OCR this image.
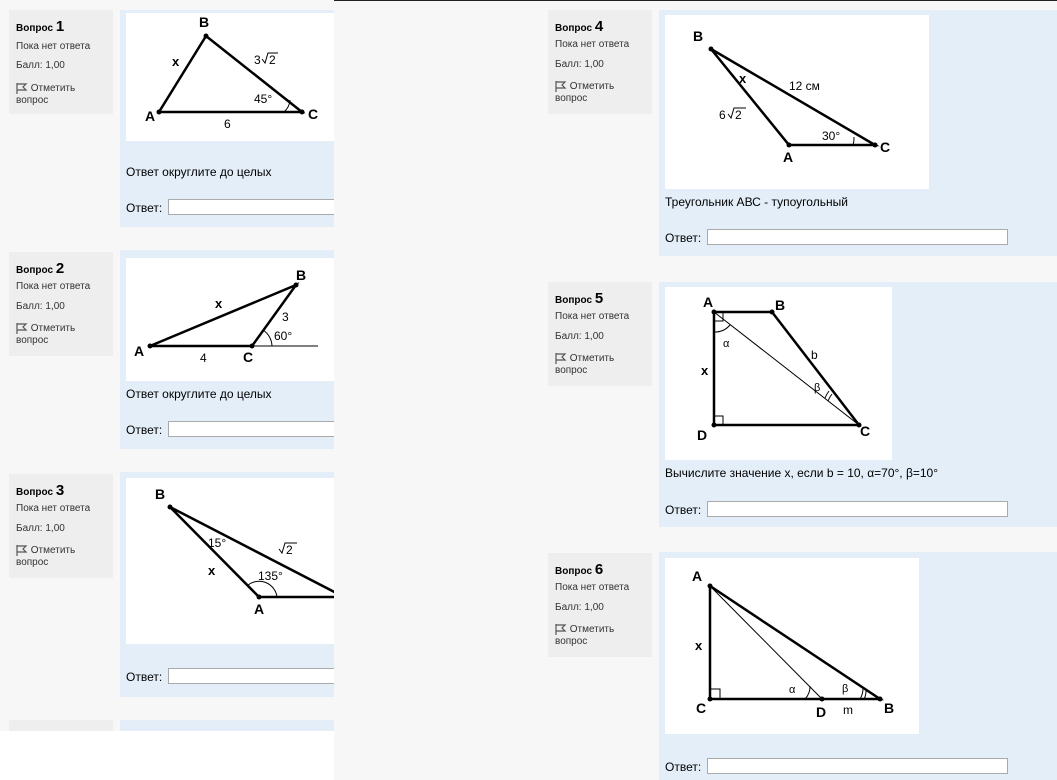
Вопрос 1
Пока нет ответа
Балл: 1,00
Отметить
вопрос
B
A	C
x	3 2
45°
6
Ответ округлите до целых
Ответ:
Вопрос 2
Пока нет ответа
Балл: 1,00
Отметить
вопрос
B
A	C
x
4
3
60°
Ответ округлите до целых
Ответ:
Вопрос 3
Пока нет ответа
Балл: 1,00
Отметить
вопрос
B
A
x
15°
135°
2
Ответ:
Вопрос 4
Пока нет ответа
Балл: 1,00
Отметить
вопрос
B
A
C
x	12 см
6 2
30°
Треугольник АВС - тупоугольный
Ответ:
Вопрос 5
Пока нет ответа
Балл: 1,00
Отметить
вопрос
A	B
C
D
x
b
α
β
Вычислите значение x, если b = 10, α=70°, β=10°
Ответ:
Вопрос 6
Пока нет ответа
Балл: 1,00
Отметить
вопрос
A
C	D	B
x
m
α	β
Ответ:
